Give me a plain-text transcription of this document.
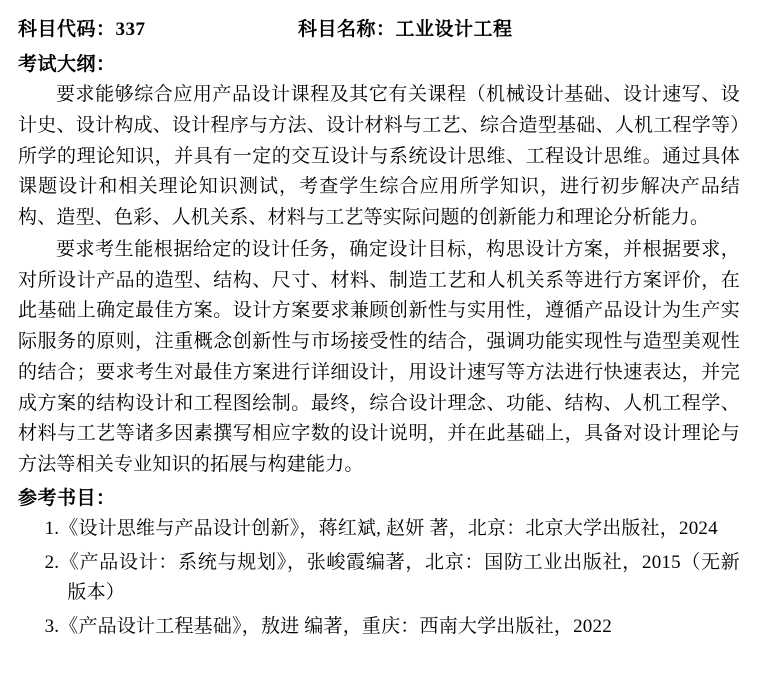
科目代码：337	科目名称：工业设计工程
考试大纲：

要求能够综合应用产品设计课程及其它有关课程（机械设计基础、设计速写、设计史、设计构成、设计程序与方法、设计材料与工艺、综合造型基础、人机工程学等）所学的理论知识，并具有一定的交互设计与系统设计思维、工程设计思维。通过具体课题设计和相关理论知识测试，考查学生综合应用所学知识，进行初步解决产品结构、造型、色彩、人机关系、材料与工艺等实际问题的创新能力和理论分析能力。

要求考生能根据给定的设计任务，确定设计目标，构思设计方案，并根据要求，对所设计产品的造型、结构、尺寸、材料、制造工艺和人机关系等进行方案评价，在此基础上确定最佳方案。设计方案要求兼顾创新性与实用性，遵循产品设计为生产实际服务的原则，注重概念创新性与市场接受性的结合，强调功能实现性与造型美观性的结合；要求考生对最佳方案进行详细设计，用设计速写等方法进行快速表达，并完成方案的结构设计和工程图绘制。最终，综合设计理念、功能、结构、人机工程学、材料与工艺等诸多因素撰写相应字数的设计说明，并在此基础上，具备对设计理论与方法等相关专业知识的拓展与构建能力。

参考书目：
1.《设计思维与产品设计创新》，蒋红斌, 赵妍 著，北京：北京大学出版社，2024
2.《产品设计：系统与规划》，张峻霞编著，北京：国防工业出版社，2015（无新版本）
3.《产品设计工程基础》，敖进 编著，重庆：西南大学出版社，2022
